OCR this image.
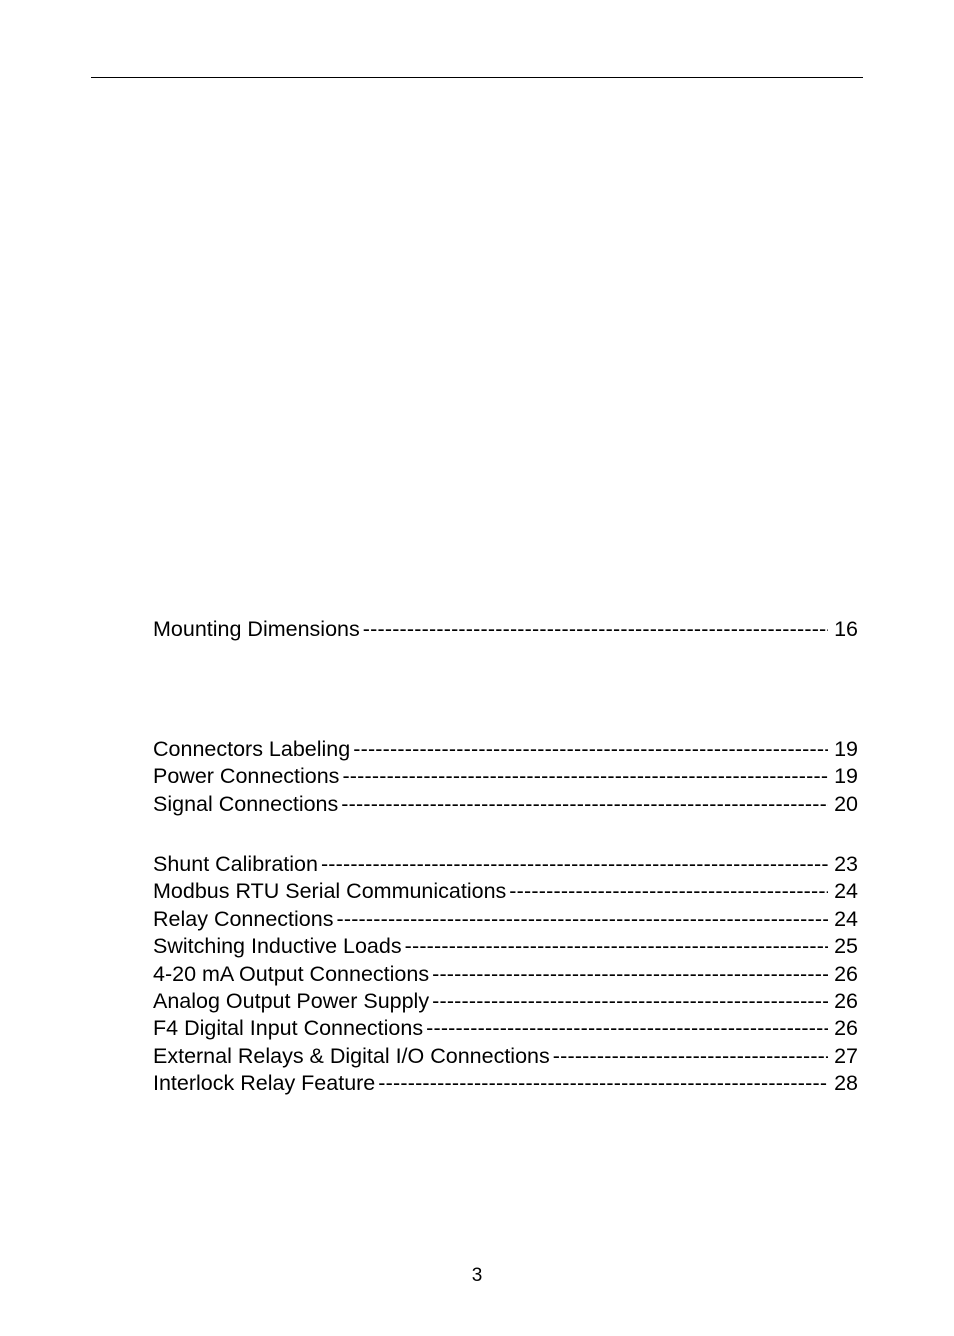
Mounting Dimensions -----	16
Connectors Labeling -----	19
Power Connections -----	19
Signal Connections -----	20
Shunt Calibration -----	23
Modbus RTU Serial Communications -----	24
Relay Connections -----	24
Switching Inductive Loads -----	25
4-20 mA Output Connections -----	26
Analog Output Power Supply -----	26
F4 Digital Input Connections -----	26
External Relays & Digital I/O Connections -----	27
Interlock Relay Feature -----	28
3
